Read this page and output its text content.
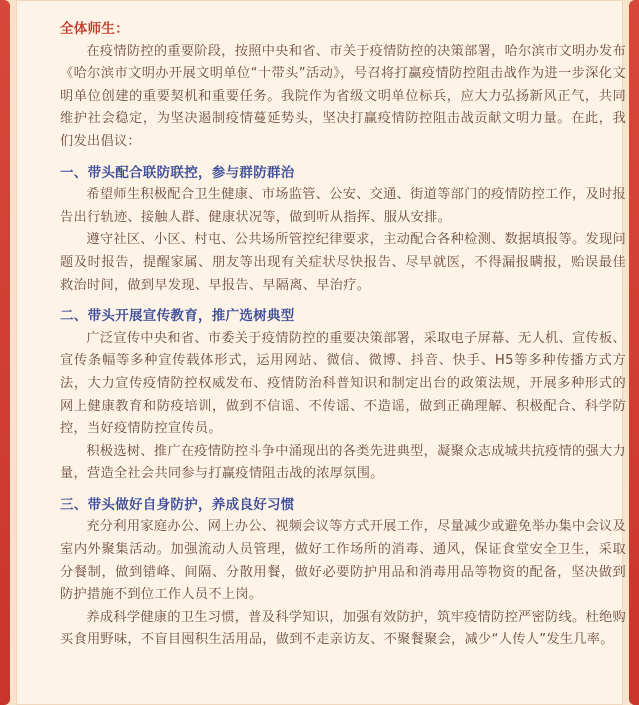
全体师生：

在疫情防控的重要阶段，按照中央和省、市关于疫情防控的决策部署，哈尔滨市文明办发布《哈尔滨市文明办开展文明单位“十带头”活动》，号召将打赢疫情防控阻击战作为进一步深化文明单位创建的重要契机和重要任务。我院作为省级文明单位标兵，应大力弘扬新风正气，共同维护社会稳定，为坚决遏制疫情蔓延势头，坚决打赢疫情防控阻击战贡献文明力量。在此，我们发出倡议：

一、带头配合联防联控，参与群防群治

希望师生积极配合卫生健康、市场监管、公安、交通、街道等部门的疫情防控工作，及时报告出行轨迹、接触人群、健康状况等，做到听从指挥、服从安排。

遵守社区、小区、村屯、公共场所管控纪律要求，主动配合各种检测、数据填报等。发现问题及时报告，提醒家属、朋友等出现有关症状尽快报告、尽早就医，不得漏报瞒报，贻误最佳救治时间，做到早发现、早报告、早隔离、早治疗。

二、带头开展宣传教育，推广选树典型

广泛宣传中央和省、市委关于疫情防控的重要决策部署，采取电子屏幕、无人机、宣传板、宣传条幅等多种宣传载体形式，运用网站、微信、微博、抖音、快手、H5等多种传播方式方法，大力宣传疫情防控权威发布、疫情防治科普知识和制定出台的政策法规，开展多种形式的网上健康教育和防疫培训，做到不信谣、不传谣、不造谣，做到正确理解、积极配合、科学防控，当好疫情防控宣传员。

积极选树、推广在疫情防控斗争中涌现出的各类先进典型，凝聚众志成城共抗疫情的强大力量，营造全社会共同参与打赢疫情阻击战的浓厚氛围。

三、带头做好自身防护，养成良好习惯

充分利用家庭办公、网上办公、视频会议等方式开展工作，尽量减少或避免举办集中会议及室内外聚集活动。加强流动人员管理，做好工作场所的消毒、通风，保证食堂安全卫生，采取分餐制，做到错峰、间隔、分散用餐，做好必要防护用品和消毒用品等物资的配备，坚决做到防护措施不到位工作人员不上岗。

养成科学健康的卫生习惯，普及科学知识，加强有效防护，筑牢疫情防控严密防线。杜绝购买食用野味，不盲目囤积生活用品，做到不走亲访友、不聚餐聚会，减少“人传人”发生几率。
